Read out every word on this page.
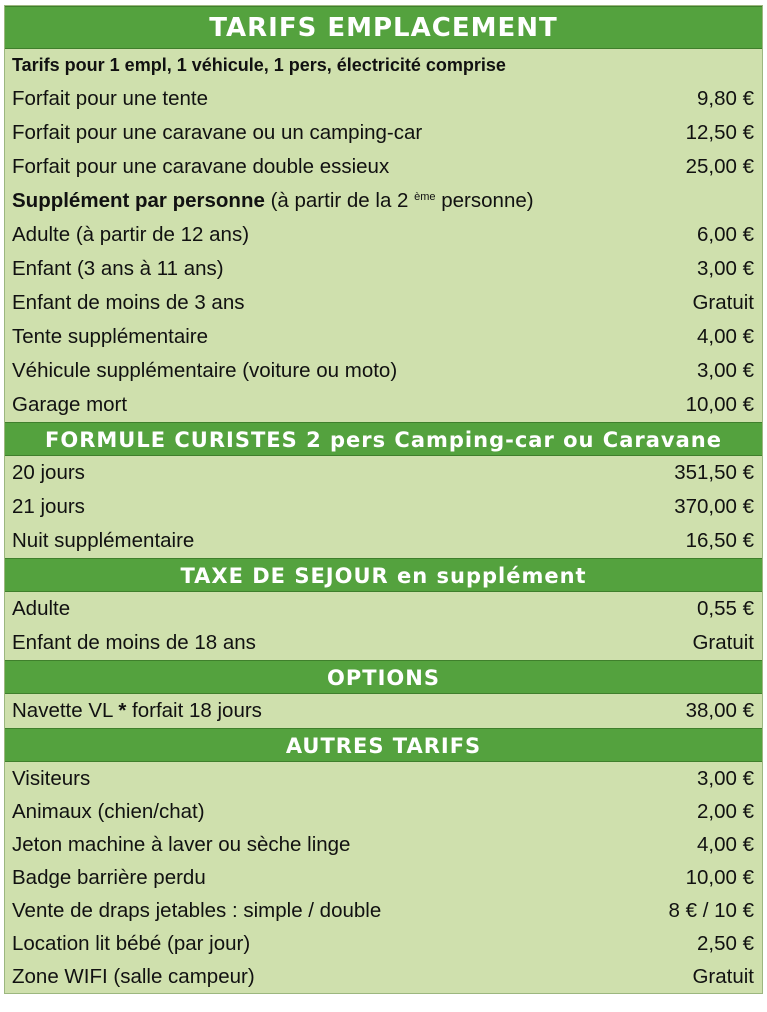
TARIFS EMPLACEMENT
Tarifs pour 1 empl, 1 véhicule, 1 pers, électricité comprise
Forfait pour une tente	9,80 €
Forfait pour une caravane ou un camping-car	12,50 €
Forfait pour une caravane double essieux	25,00 €
Supplément par personne (à partir de la 2 $^{ème}$ personne)
Adulte (à partir de 12 ans)	6,00 €
Enfant (3 ans à 11 ans)	3,00 €
Enfant de moins de 3 ans	Gratuit
Tente supplémentaire	4,00 €
Véhicule supplémentaire (voiture ou moto)	3,00 €
Garage mort	10,00 €
FORMULE CURISTES 2 pers Camping-car ou Caravane
20 jours	351,50 €
21 jours	370,00 €
Nuit supplémentaire	16,50 €
TAXE DE SEJOUR en supplément
Adulte	0,55 €
Enfant de moins de 18 ans	Gratuit
OPTIONS
Navette VL * forfait 18 jours	38,00 €
AUTRES TARIFS
Visiteurs	3,00 €
Animaux (chien/chat)	2,00 €
Jeton machine à laver ou sèche linge	4,00 €
Badge barrière perdu	10,00 €
Vente de draps jetables : simple / double	8 € / 10 €
Location lit bébé (par jour)	2,50 €
Zone WIFI (salle campeur)	Gratuit
